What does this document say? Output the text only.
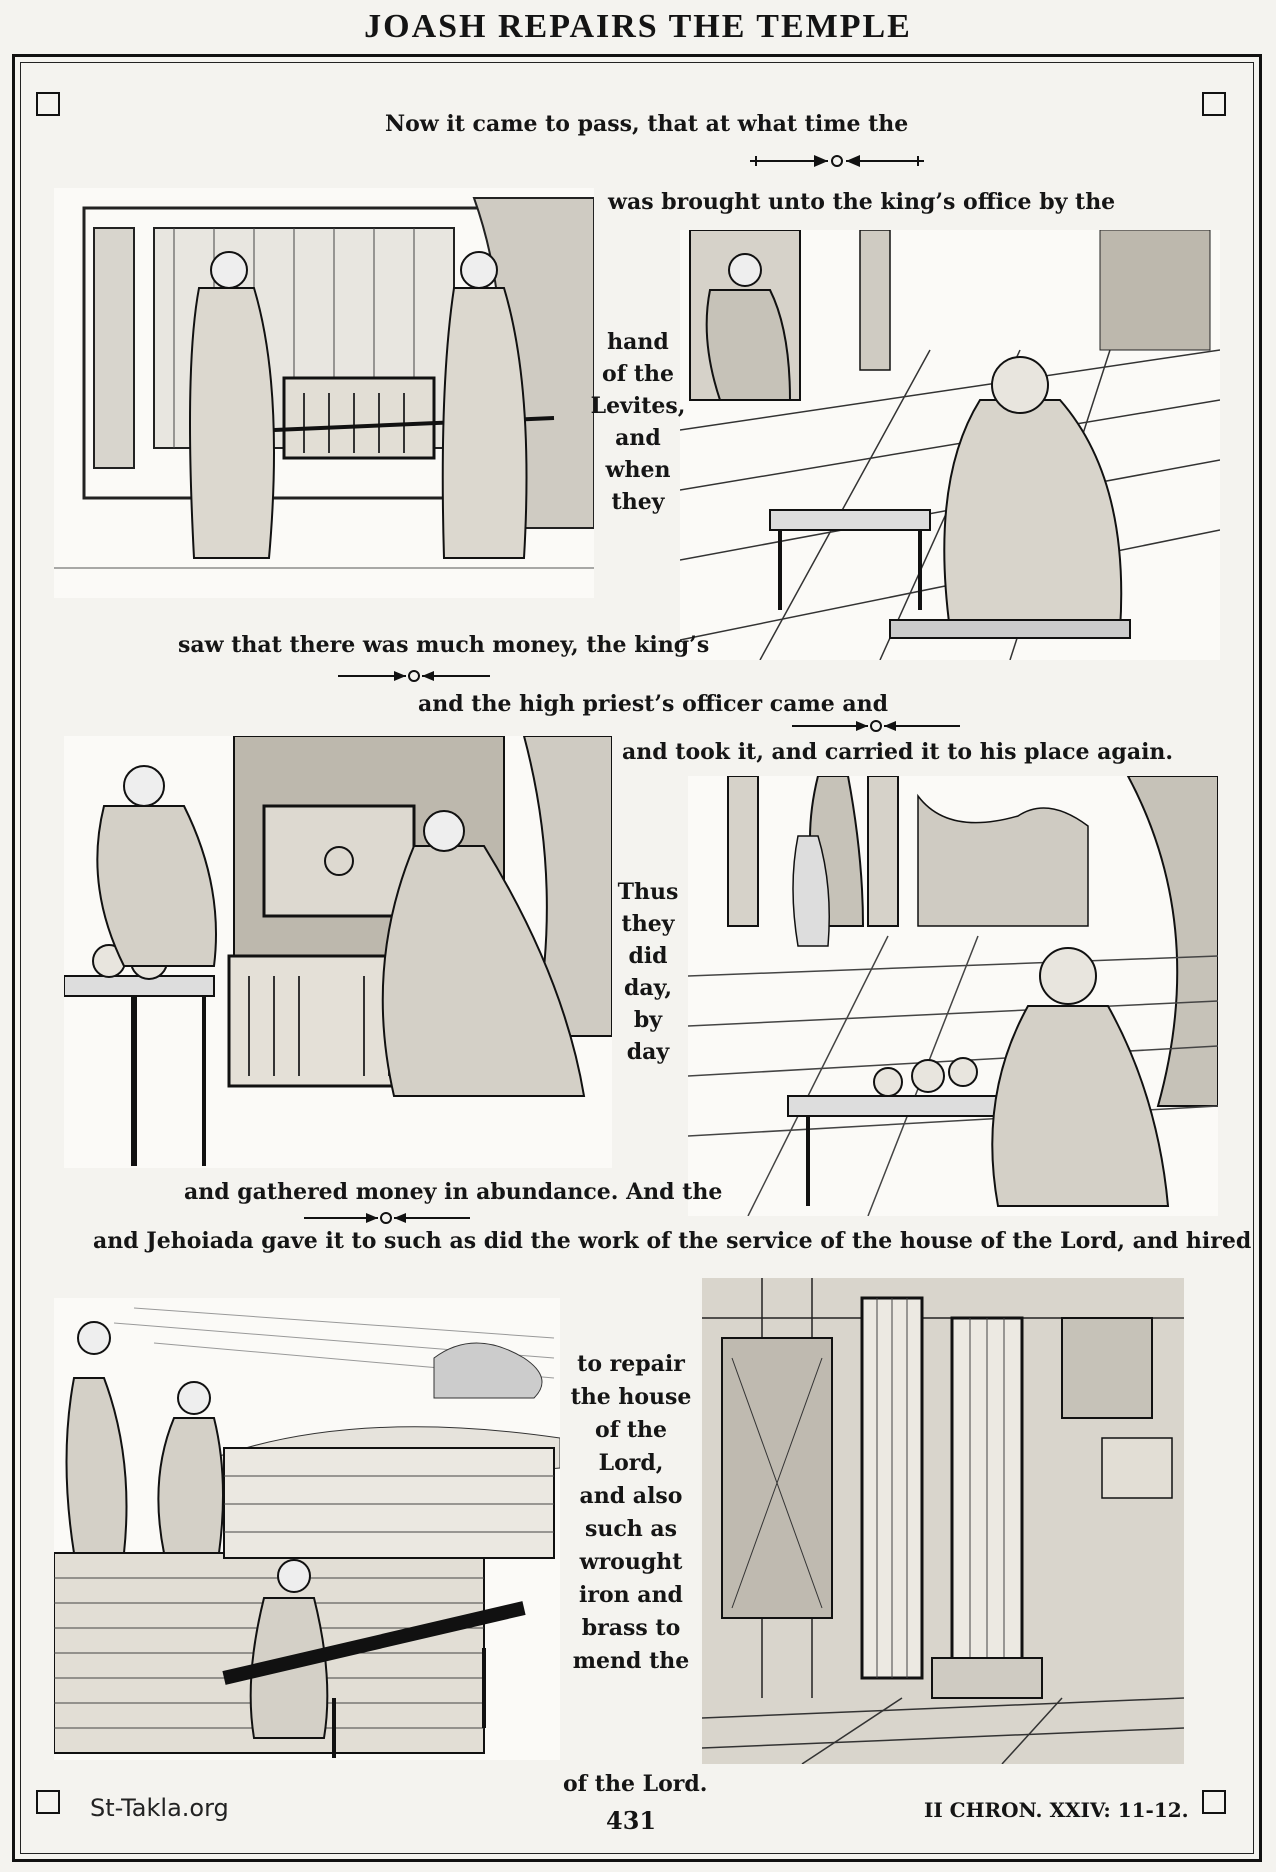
JOASH REPAIRS THE TEMPLE
Now it came to pass, that at what time the
was brought unto the king’s office by the
hand
of the
Levites,
and
when
they
saw that there was much money, the king’s
and the high priest’s officer came and
and took it, and carried it to his place again.
Thus
they
did
day,
by
day
and gathered money in abundance. And the
and Jehoiada gave it to such as did the work of the service of the house of the Lord, and hired
to repair
the house
of the
Lord,
and also
such as
wrought
iron and
brass to
mend the
of the Lord.
431	II CHRON. XXIV: 11-12.
St-Takla.org
